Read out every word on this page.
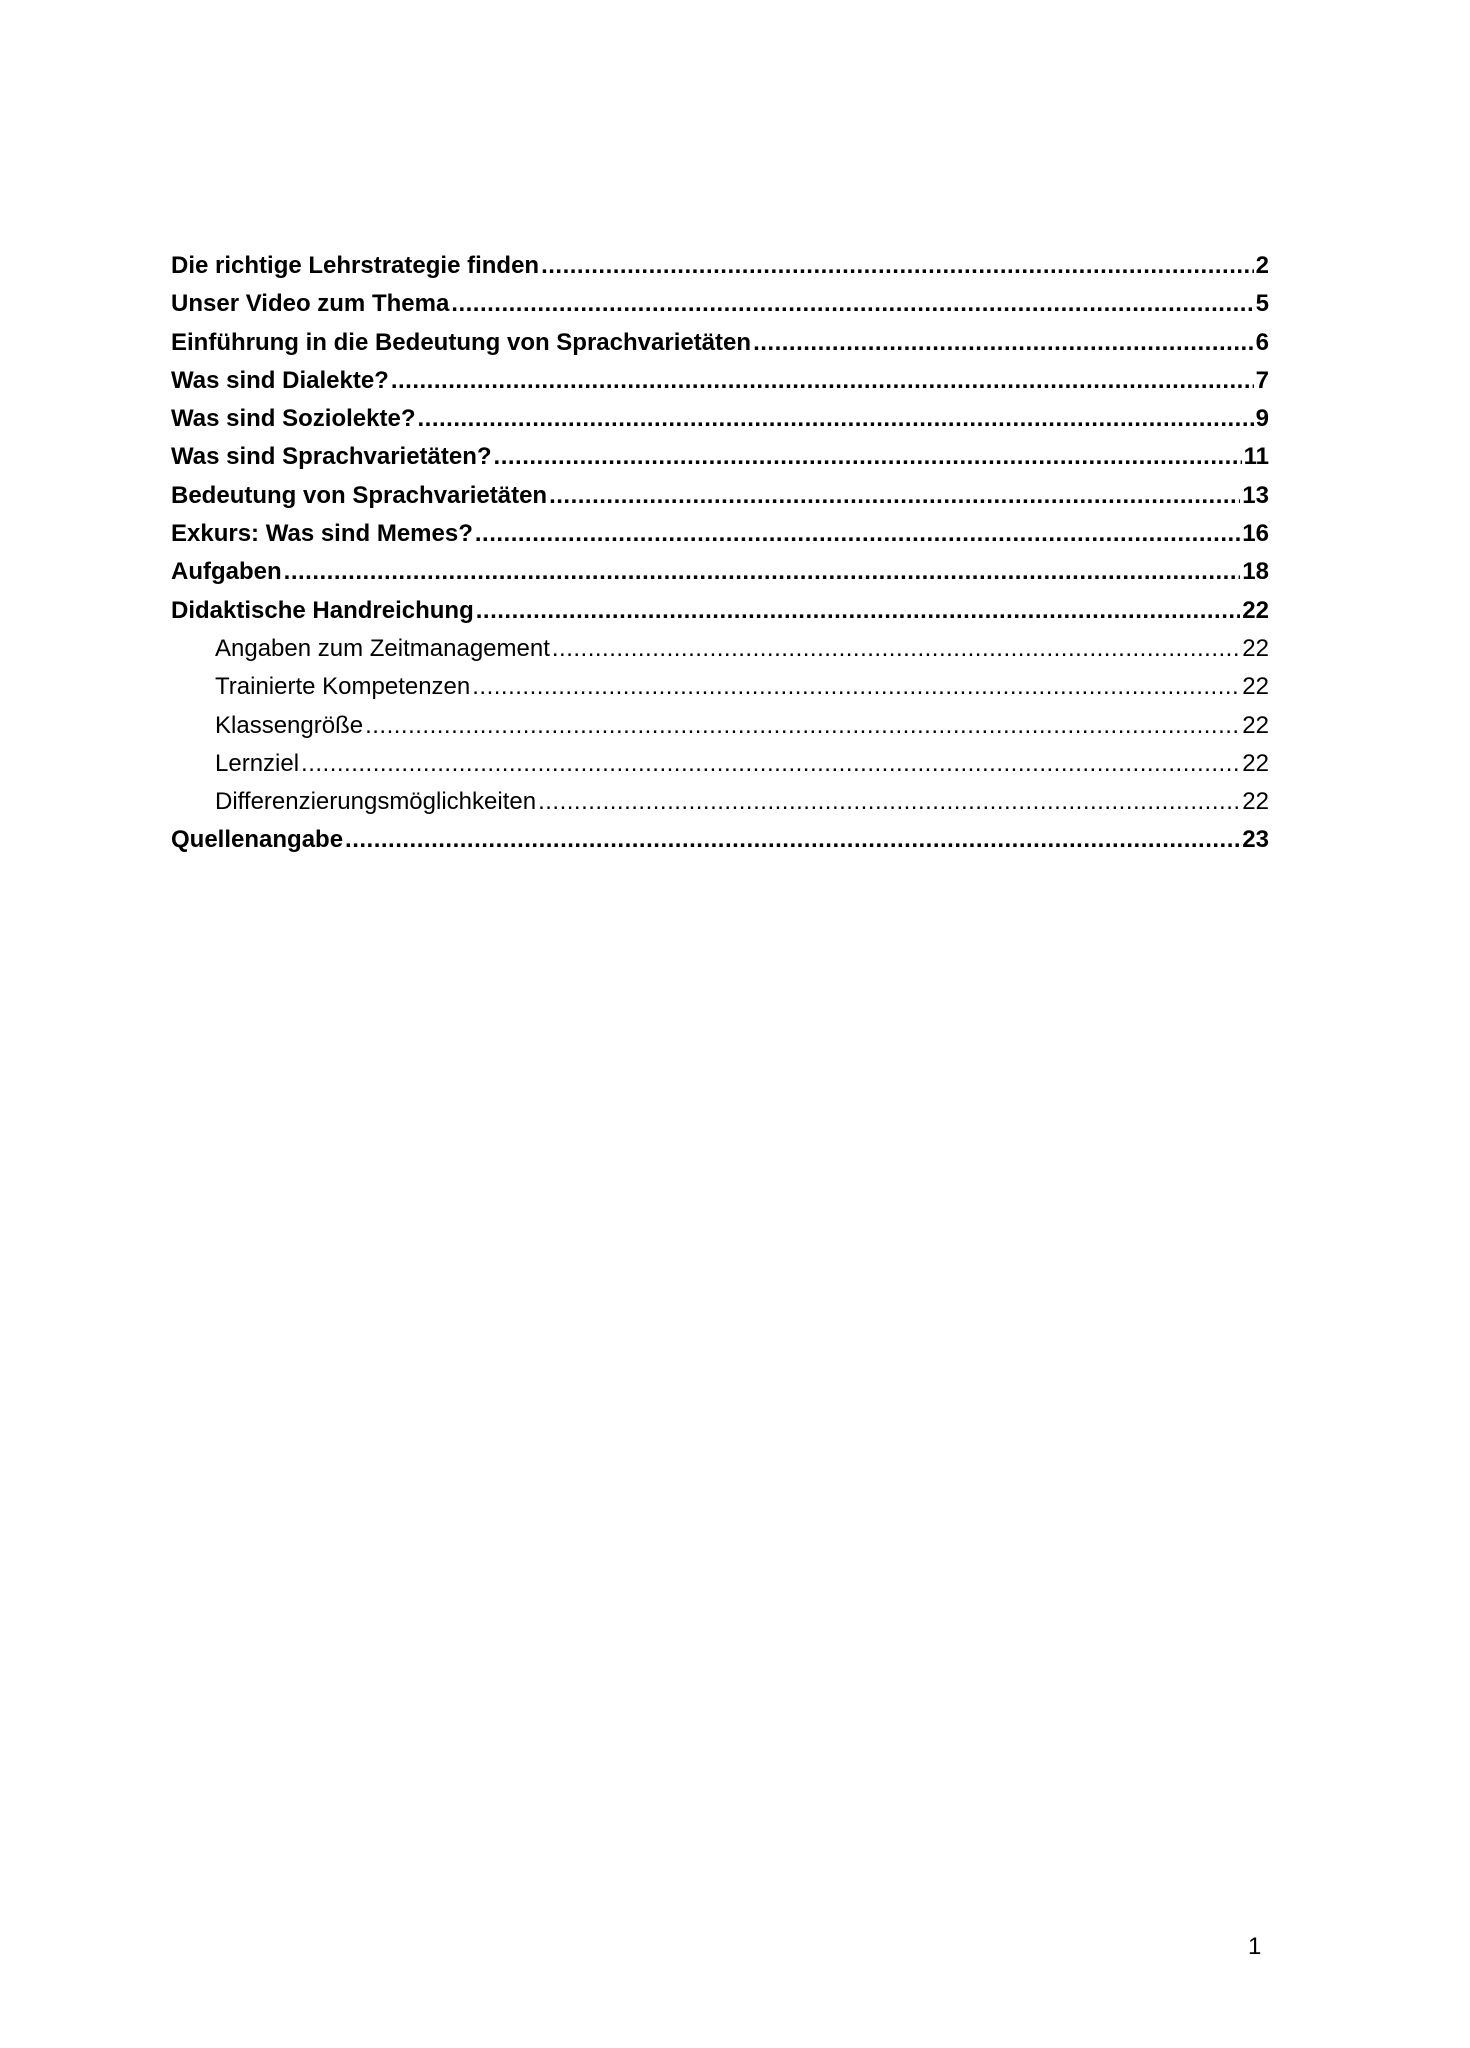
Die richtige Lehrstrategie finden .....	2
Unser Video zum Thema .....	5
Einführung in die Bedeutung von Sprachvarietäten .....	6
Was sind Dialekte? .....	7
Was sind Soziolekte? .....	9
Was sind Sprachvarietäten? .....	11
Bedeutung von Sprachvarietäten .....	13
Exkurs: Was sind Memes? .....	16
Aufgaben .....	18
Didaktische Handreichung .....	22
Angaben zum Zeitmanagement .....	22
Trainierte Kompetenzen .....	22
Klassengröße .....	22
Lernziel .....	22
Differenzierungsmöglichkeiten .....	22
Quellenangabe .....	23
1
